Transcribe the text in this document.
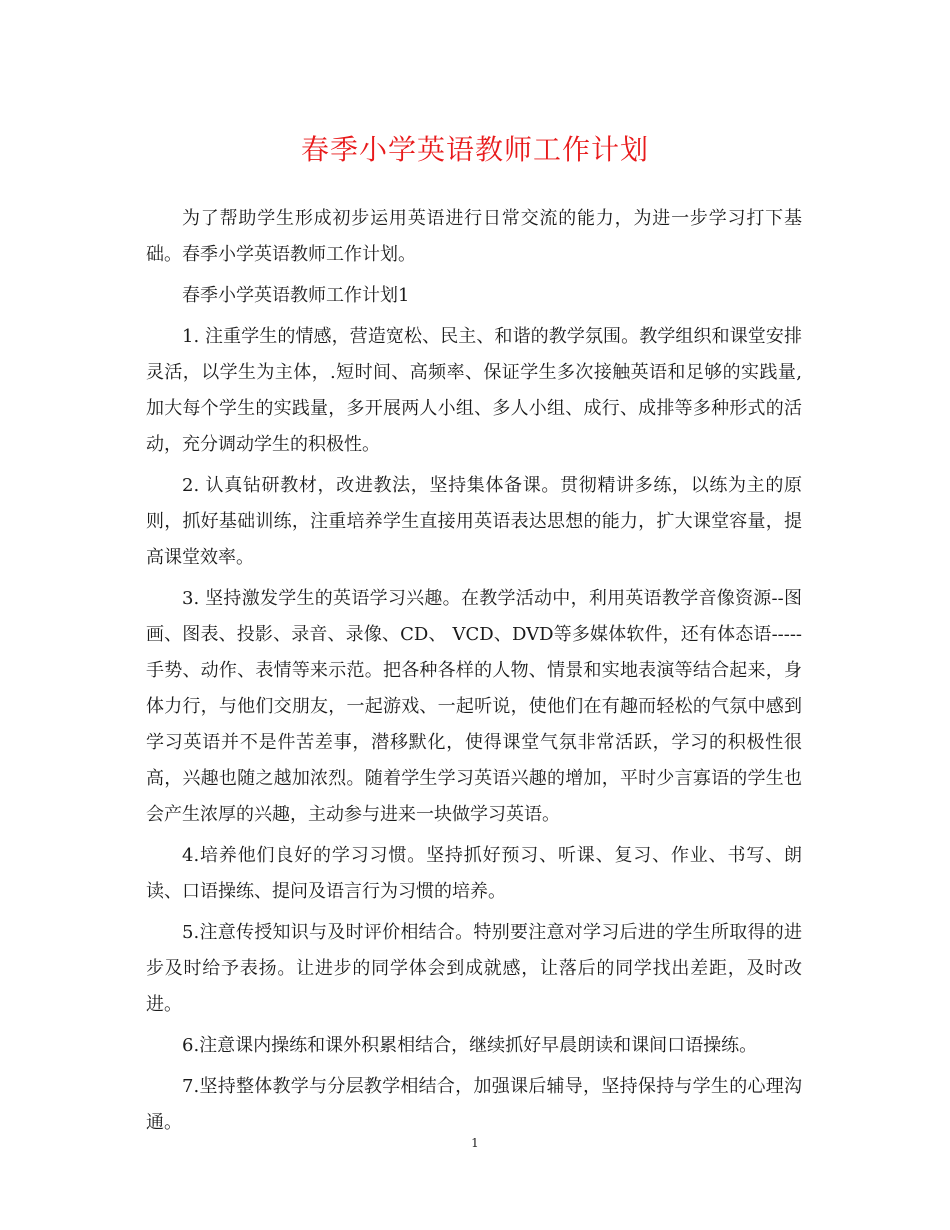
春季小学英语教师工作计划

为了帮助学生形成初步运用英语进行日常交流的能力，为进一步学习打下基础。春季小学英语教师工作计划。

春季小学英语教师工作计划1

1. 注重学生的情感，营造宽松、民主、和谐的教学氛围。教学组织和课堂安排灵活，以学生为主体，.短时间、高频率、保证学生多次接触英语和足够的实践量,加大每个学生的实践量，多开展两人小组、多人小组、成行、成排等多种形式的活动，充分调动学生的积极性。

2. 认真钻研教材，改进教法，坚持集体备课。贯彻精讲多练，以练为主的原则，抓好基础训练，注重培养学生直接用英语表达思想的能力，扩大课堂容量，提高课堂效率。

3. 坚持激发学生的英语学习兴趣。在教学活动中，利用英语教学音像资源--图画、图表、投影、录音、录像、CD、 VCD、DVD等多媒体软件，还有体态语-----手势、动作、表情等来示范。把各种各样的人物、情景和实地表演等结合起来，身体力行，与他们交朋友，一起游戏、一起听说，使他们在有趣而轻松的气氛中感到学习英语并不是件苦差事，潜移默化，使得课堂气氛非常活跃，学习的积极性很高，兴趣也随之越加浓烈。随着学生学习英语兴趣的增加，平时少言寡语的学生也会产生浓厚的兴趣，主动参与进来一块做学习英语。

4.培养他们良好的学习习惯。坚持抓好预习、听课、复习、作业、书写、朗读、口语操练、提问及语言行为习惯的培养。

5.注意传授知识与及时评价相结合。特别要注意对学习后进的学生所取得的进步及时给予表扬。让进步的同学体会到成就感，让落后的同学找出差距，及时改进。

6.注意课内操练和课外积累相结合，继续抓好早晨朗读和课间口语操练。

7.坚持整体教学与分层教学相结合，加强课后辅导，坚持保持与学生的心理沟通。

1
